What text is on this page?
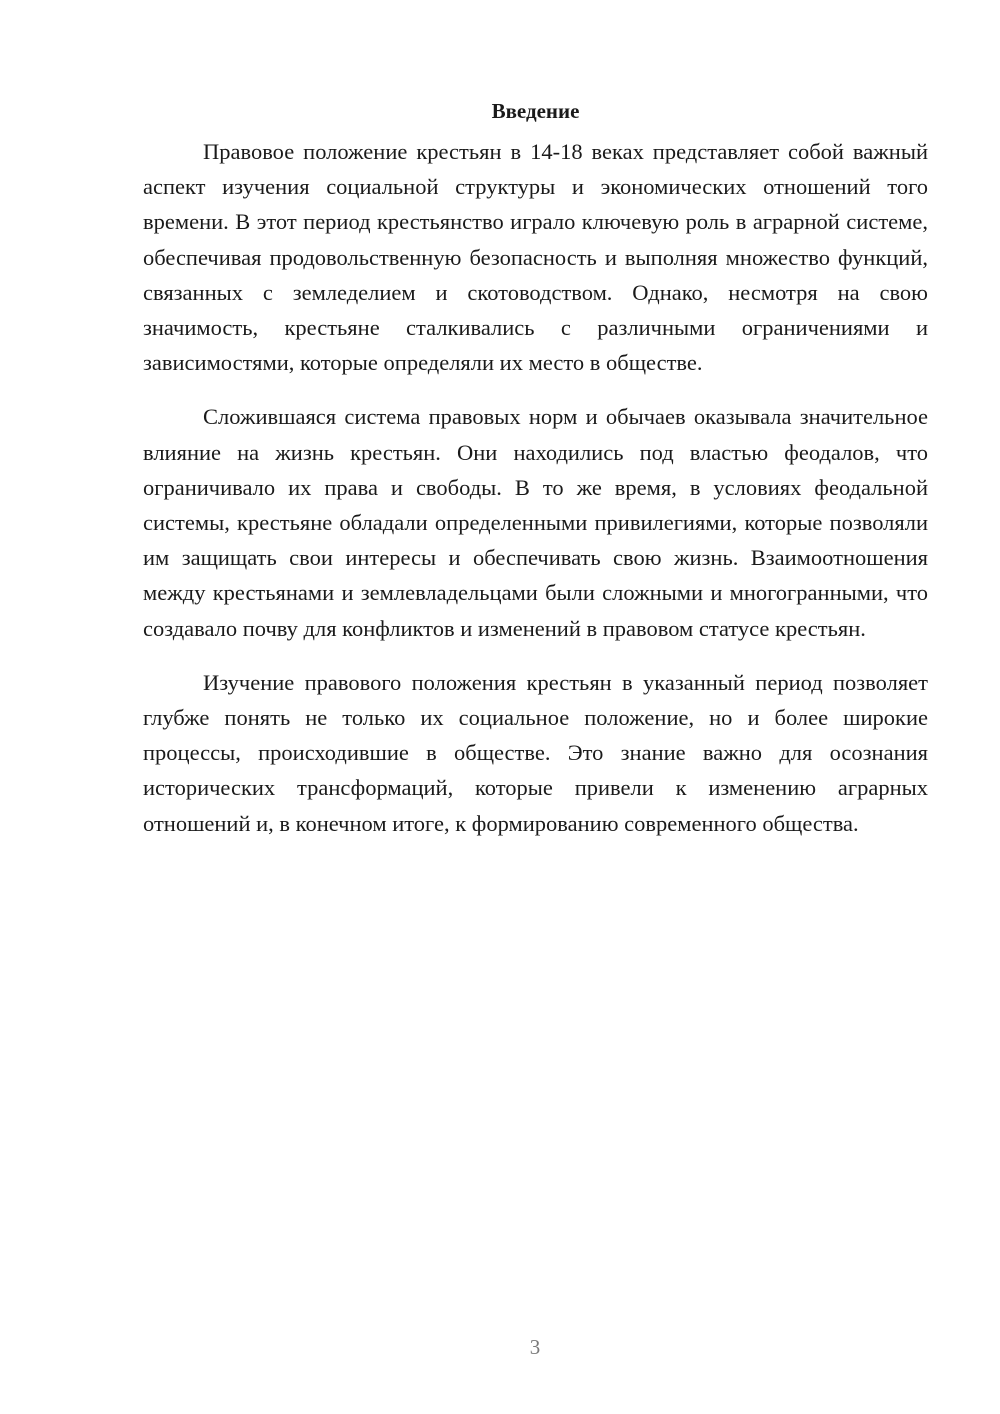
Введение

Правовое положение крестьян в 14-18 веках представляет собой важный аспект изучения социальной структуры и экономических отношений того времени. В этот период крестьянство играло ключевую роль в аграрной системе, обеспечивая продовольственную безопасность и выполняя множество функций, связанных с земледелием и скотоводством. Однако, несмотря на свою значимость, крестьяне сталкивались с различными ограничениями и зависимостями, которые определяли их место в обществе.

Сложившаяся система правовых норм и обычаев оказывала значительное влияние на жизнь крестьян. Они находились под властью феодалов, что ограничивало их права и свободы. В то же время, в условиях феодальной системы, крестьяне обладали определенными привилегиями, которые позволяли им защищать свои интересы и обеспечивать свою жизнь. Взаимоотношения между крестьянами и землевладельцами были сложными и многогранными, что создавало почву для конфликтов и изменений в правовом статусе крестьян.

Изучение правового положения крестьян в указанный период позволяет глубже понять не только их социальное положение, но и более широкие процессы, происходившие в обществе. Это знание важно для осознания исторических трансформаций, которые привели к изменению аграрных отношений и, в конечном итоге, к формированию современного общества.

3
